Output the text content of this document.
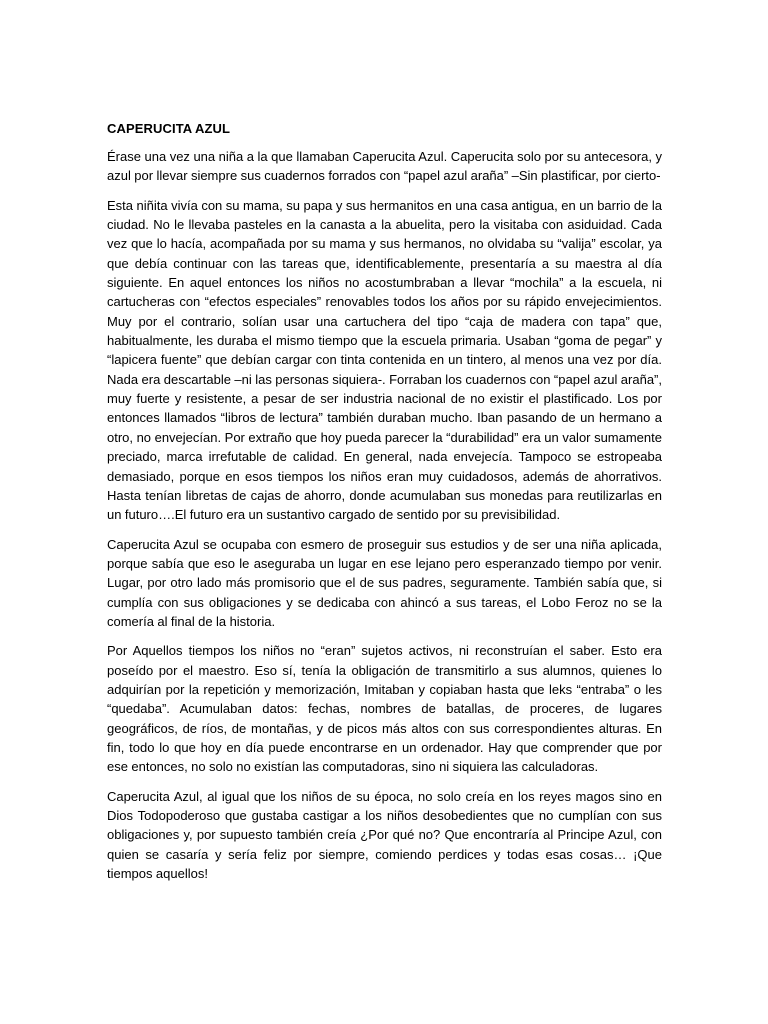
CAPERUCITA AZUL

Érase una vez una niña a la que llamaban Caperucita Azul. Caperucita solo por su antecesora, y azul por llevar siempre sus cuadernos forrados con “papel azul araña” –Sin plastificar, por cierto-

Esta niñita vivía con su mama, su papa y sus hermanitos en una casa antigua, en un barrio de la ciudad. No le llevaba pasteles en la canasta a la abuelita, pero la visitaba con asiduidad. Cada vez que lo hacía, acompañada por su mama y sus hermanos, no olvidaba su “valija” escolar, ya que debía continuar con las tareas que, identificablemente, presentaría a su maestra al día siguiente. En aquel entonces los niños no acostumbraban a llevar “mochila” a la escuela, ni cartucheras con “efectos especiales” renovables todos los años por su rápido envejecimientos. Muy por el contrario, solían usar una cartuchera del tipo “caja de madera con tapa” que, habitualmente, les duraba el mismo tiempo que la escuela primaria. Usaban “goma de pegar” y “lapicera fuente” que debían cargar con tinta contenida en un tintero, al menos una vez por día. Nada era descartable –ni las personas siquiera-. Forraban los cuadernos con “papel azul araña”, muy fuerte y resistente, a pesar de ser industria nacional de no existir el plastificado. Los por entonces llamados “libros de lectura” también duraban mucho. Iban pasando de un hermano a otro, no envejecían. Por extraño que hoy pueda parecer la “durabilidad” era un valor sumamente preciado, marca irrefutable de calidad. En general, nada envejecía. Tampoco se estropeaba demasiado, porque en esos tiempos los niños eran muy cuidadosos, además de ahorrativos. Hasta tenían libretas de cajas de ahorro, donde acumulaban sus monedas para reutilizarlas en un futuro….El futuro era un sustantivo cargado de sentido por su previsibilidad.

Caperucita Azul se ocupaba con esmero de proseguir sus estudios y de ser una niña aplicada, porque sabía que eso le aseguraba un lugar en ese lejano pero esperanzado tiempo por venir. Lugar, por otro lado más promisorio que el de sus padres, seguramente. También sabía que, si cumplía con sus obligaciones y se dedicaba con ahincó a sus tareas, el Lobo Feroz no se la comería al final de la historia.

Por Aquellos tiempos los niños no “eran” sujetos activos, ni reconstruían el saber. Esto era poseído por el maestro. Eso sí, tenía la obligación de transmitirlo a sus alumnos, quienes lo adquirían por la repetición y memorización, Imitaban y copiaban hasta que leks “entraba” o les “quedaba”. Acumulaban datos: fechas, nombres de batallas, de proceres, de lugares geográficos, de ríos, de montañas, y de picos más altos con sus correspondientes alturas. En fin, todo lo que hoy en día puede encontrarse en un ordenador. Hay que comprender que por ese entonces, no solo no existían las computadoras, sino ni siquiera las calculadoras.

Caperucita Azul, al igual que los niños de su época, no solo creía en los reyes magos sino en Dios Todopoderoso que gustaba castigar a los niños desobedientes que no cumplían con sus obligaciones y, por supuesto también creía ¿Por qué no? Que encontraría al Principe Azul, con quien se casaría y sería feliz por siempre, comiendo perdices y todas esas cosas… ¡Que tiempos aquellos!
